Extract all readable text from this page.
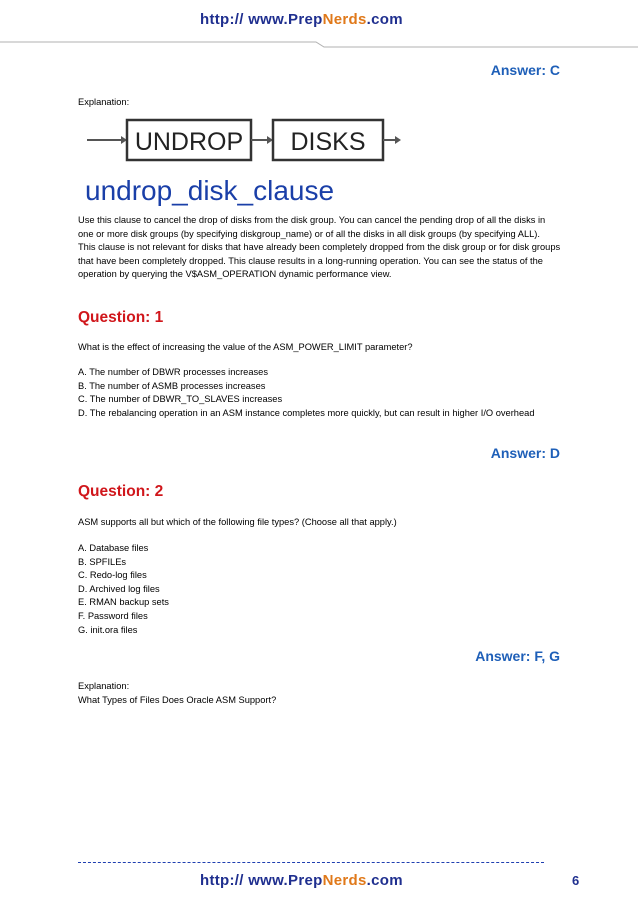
http:// www.PrepNerds.com
Answer: C
Explanation:
UNDROP DISKS
undrop_disk_clause

Use this clause to cancel the drop of disks from the disk group. You can cancel the pending drop of all the disks in one or more disk groups (by specifying diskgroup_name) or of all the disks in all disk groups (by specifying ALL).

This clause is not relevant for disks that have already been completely dropped from the disk group or for disk groups that have been completely dropped. This clause results in a long-running operation. You can see the status of the operation by querying the V$ASM_OPERATION dynamic performance view.

Question: 1
What is the effect of increasing the value of the ASM_POWER_LIMIT parameter?
A. The number of DBWR processes increases
B. The number of ASMB processes increases
C. The number of DBWR_TO_SLAVES increases
D. The rebalancing operation in an ASM instance completes more quickly, but can result in higher I/O overhead
Answer: D
Question: 2
ASM supports all but which of the following file types? (Choose all that apply.)
A. Database files
B. SPFILEs
C. Redo-log files
D. Archived log files
E. RMAN backup sets
F. Password files
G. init.ora files
Answer: F, G
Explanation:
What Types of Files Does Oracle ASM Support?
http:// www.PrepNerds.com	6
